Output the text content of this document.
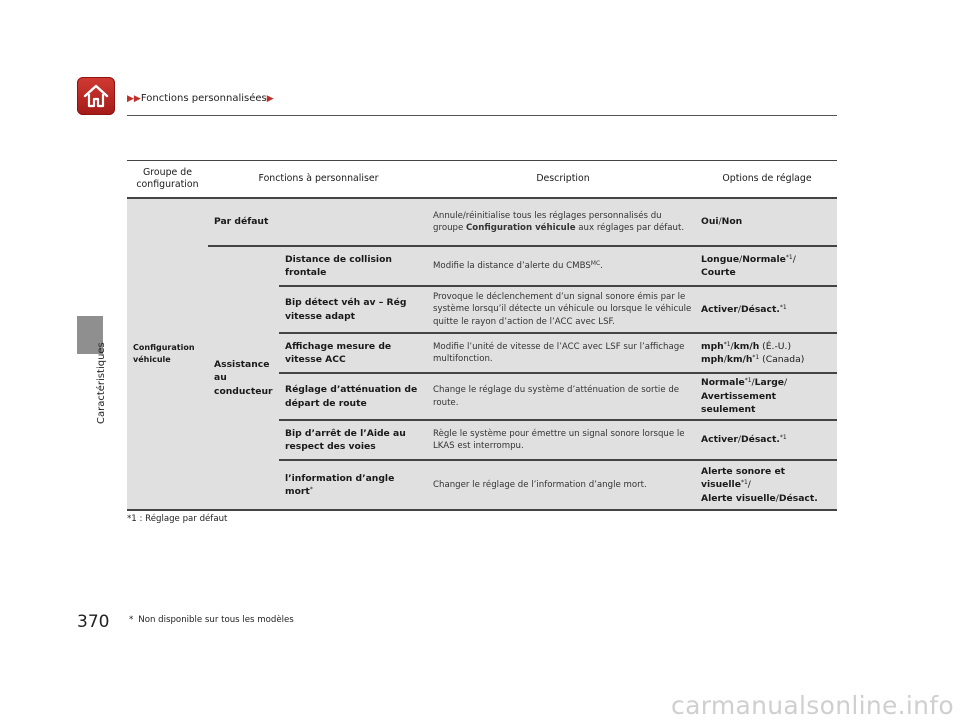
▶▶Fonctions personnalisées▶
Caractéristiques
Groupe de configuration	Fonctions à personnaliser		Description	Options de réglage
Configuration véhicule	Par défaut		Annule/réinitialise tous les réglages personnalisés du groupe Configuration véhicule aux réglages par défaut.	Oui/Non
	Assistance au conducteur	Distance de collision frontale	Modifie la distance d’alerte du $CMBS^{MC}$.	Longue/Normale$^{*1}$/
Courte
		Bip détect véh av – Rég vitesse adapt	Provoque le déclenchement d’un signal sonore émis par le système lorsqu’il détecte un véhicule ou lorsque le véhicule quitte le rayon d’action de l’ACC avec LSF.	Activer/Désact.$^{*1}$
		Affichage mesure de vitesse ACC	Modifie l’unité de vitesse de l’ACC avec LSF sur l’affichage multifonction.	mph$^{*1}$/km/h (É.-U.)
mph/$km/h^{*1}$ (Canada)
		Réglage d’atténuation de départ de route	Change le réglage du système d’atténuation de sortie de route.	Normale$^{*1}$/Large/
Avertissement seulement
		Bip d’arrêt de l’Aide au respect des voies	Règle le système pour émettre un signal sonore lorsque le LKAS est interrompu.	Activer/Désact.$^{*1}$
		l’information d’angle mort*	Changer le réglage de l’information d’angle mort.	Alerte sonore et visuelle$^{*1}$/
Alerte visuelle/Désact.
*1 : Réglage par défaut
370 * Non disponible sur tous les modèles
carmanualsonline.info
